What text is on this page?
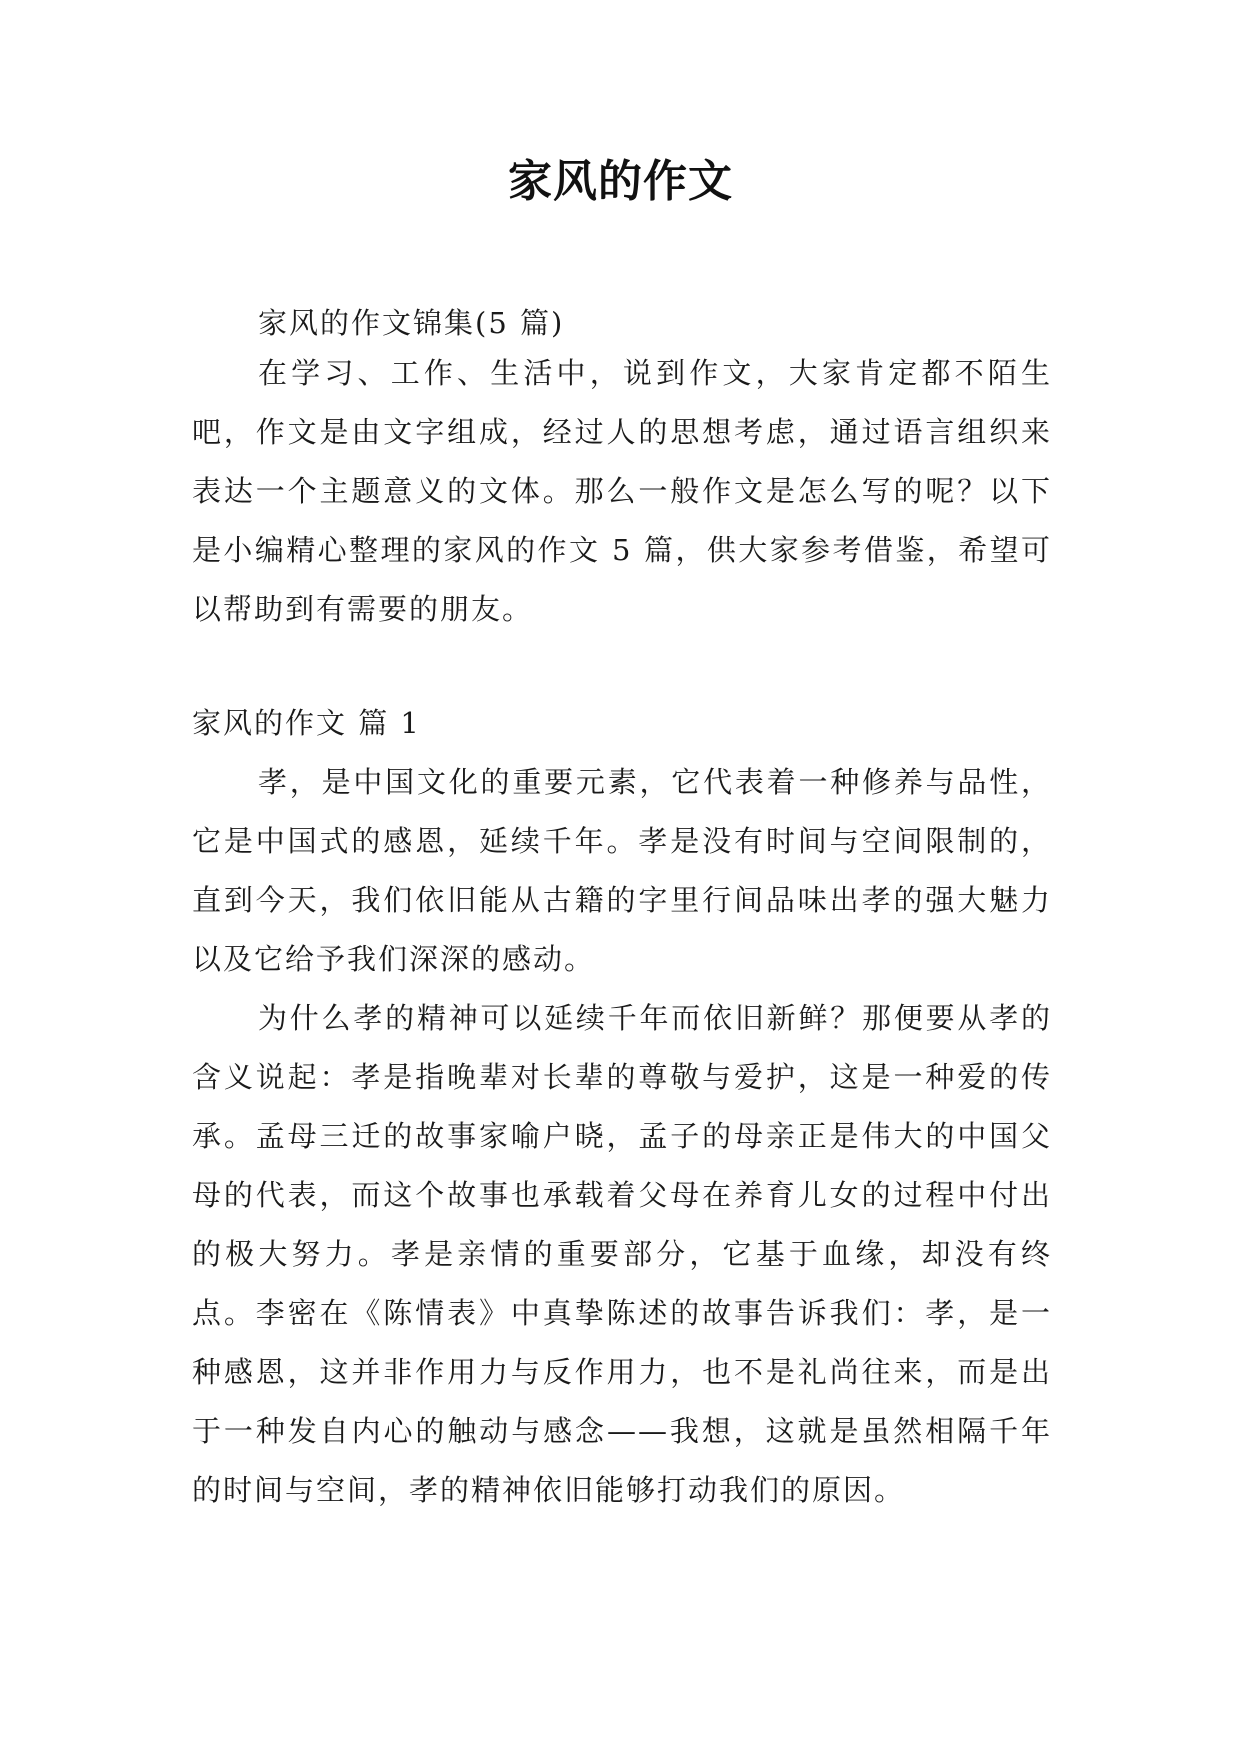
家风的作文

家风的作文锦集(5 篇)

在学习、工作、生活中，说到作文，大家肯定都不陌生吧，作文是由文字组成，经过人的思想考虑，通过语言组织来表达一个主题意义的文体。那么一般作文是怎么写的呢？以下是小编精心整理的家风的作文 5 篇，供大家参考借鉴，希望可以帮助到有需要的朋友。

家风的作文 篇 1

孝，是中国文化的重要元素，它代表着一种修养与品性，它是中国式的感恩，延续千年。孝是没有时间与空间限制的，直到今天，我们依旧能从古籍的字里行间品味出孝的强大魅力以及它给予我们深深的感动。

为什么孝的精神可以延续千年而依旧新鲜？那便要从孝的含义说起：孝是指晚辈对长辈的尊敬与爱护，这是一种爱的传承。孟母三迁的故事家喻户晓，孟子的母亲正是伟大的中国父母的代表，而这个故事也承载着父母在养育儿女的过程中付出的极大努力。孝是亲情的重要部分，它基于血缘，却没有终点。李密在《陈情表》中真挚陈述的故事告诉我们：孝，是一种感恩，这并非作用力与反作用力，也不是礼尚往来，而是出于一种发自内心的触动与感念——我想，这就是虽然相隔千年的时间与空间，孝的精神依旧能够打动我们的原因。
